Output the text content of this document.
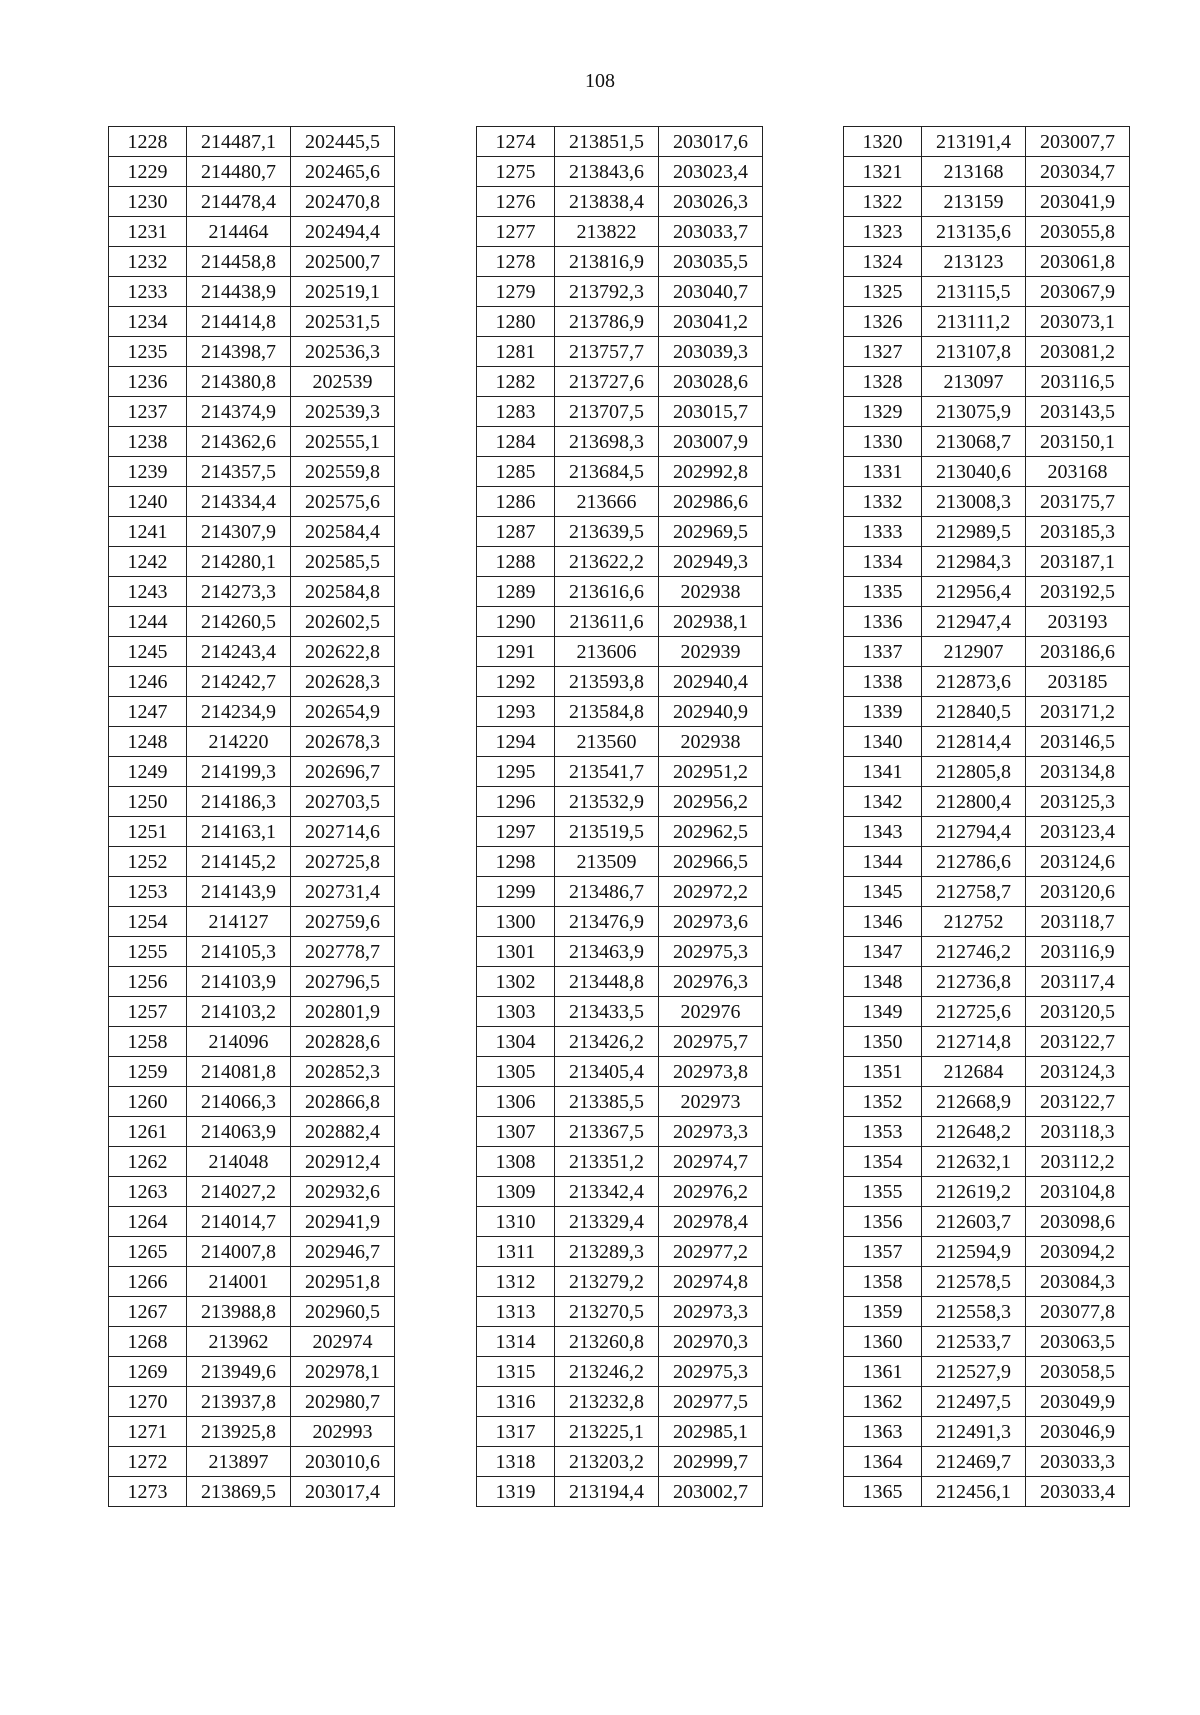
108
1228	214487,1	202445,5
1229	214480,7	202465,6
1230	214478,4	202470,8
1231	214464	202494,4
1232	214458,8	202500,7
1233	214438,9	202519,1
1234	214414,8	202531,5
1235	214398,7	202536,3
1236	214380,8	202539
1237	214374,9	202539,3
1238	214362,6	202555,1
1239	214357,5	202559,8
1240	214334,4	202575,6
1241	214307,9	202584,4
1242	214280,1	202585,5
1243	214273,3	202584,8
1244	214260,5	202602,5
1245	214243,4	202622,8
1246	214242,7	202628,3
1247	214234,9	202654,9
1248	214220	202678,3
1249	214199,3	202696,7
1250	214186,3	202703,5
1251	214163,1	202714,6
1252	214145,2	202725,8
1253	214143,9	202731,4
1254	214127	202759,6
1255	214105,3	202778,7
1256	214103,9	202796,5
1257	214103,2	202801,9
1258	214096	202828,6
1259	214081,8	202852,3
1260	214066,3	202866,8
1261	214063,9	202882,4
1262	214048	202912,4
1263	214027,2	202932,6
1264	214014,7	202941,9
1265	214007,8	202946,7
1266	214001	202951,8
1267	213988,8	202960,5
1268	213962	202974
1269	213949,6	202978,1
1270	213937,8	202980,7
1271	213925,8	202993
1272	213897	203010,6
1273	213869,5	203017,4
1274	213851,5	203017,6
1275	213843,6	203023,4
1276	213838,4	203026,3
1277	213822	203033,7
1278	213816,9	203035,5
1279	213792,3	203040,7
1280	213786,9	203041,2
1281	213757,7	203039,3
1282	213727,6	203028,6
1283	213707,5	203015,7
1284	213698,3	203007,9
1285	213684,5	202992,8
1286	213666	202986,6
1287	213639,5	202969,5
1288	213622,2	202949,3
1289	213616,6	202938
1290	213611,6	202938,1
1291	213606	202939
1292	213593,8	202940,4
1293	213584,8	202940,9
1294	213560	202938
1295	213541,7	202951,2
1296	213532,9	202956,2
1297	213519,5	202962,5
1298	213509	202966,5
1299	213486,7	202972,2
1300	213476,9	202973,6
1301	213463,9	202975,3
1302	213448,8	202976,3
1303	213433,5	202976
1304	213426,2	202975,7
1305	213405,4	202973,8
1306	213385,5	202973
1307	213367,5	202973,3
1308	213351,2	202974,7
1309	213342,4	202976,2
1310	213329,4	202978,4
1311	213289,3	202977,2
1312	213279,2	202974,8
1313	213270,5	202973,3
1314	213260,8	202970,3
1315	213246,2	202975,3
1316	213232,8	202977,5
1317	213225,1	202985,1
1318	213203,2	202999,7
1319	213194,4	203002,7
1320	213191,4	203007,7
1321	213168	203034,7
1322	213159	203041,9
1323	213135,6	203055,8
1324	213123	203061,8
1325	213115,5	203067,9
1326	213111,2	203073,1
1327	213107,8	203081,2
1328	213097	203116,5
1329	213075,9	203143,5
1330	213068,7	203150,1
1331	213040,6	203168
1332	213008,3	203175,7
1333	212989,5	203185,3
1334	212984,3	203187,1
1335	212956,4	203192,5
1336	212947,4	203193
1337	212907	203186,6
1338	212873,6	203185
1339	212840,5	203171,2
1340	212814,4	203146,5
1341	212805,8	203134,8
1342	212800,4	203125,3
1343	212794,4	203123,4
1344	212786,6	203124,6
1345	212758,7	203120,6
1346	212752	203118,7
1347	212746,2	203116,9
1348	212736,8	203117,4
1349	212725,6	203120,5
1350	212714,8	203122,7
1351	212684	203124,3
1352	212668,9	203122,7
1353	212648,2	203118,3
1354	212632,1	203112,2
1355	212619,2	203104,8
1356	212603,7	203098,6
1357	212594,9	203094,2
1358	212578,5	203084,3
1359	212558,3	203077,8
1360	212533,7	203063,5
1361	212527,9	203058,5
1362	212497,5	203049,9
1363	212491,3	203046,9
1364	212469,7	203033,3
1365	212456,1	203033,4
